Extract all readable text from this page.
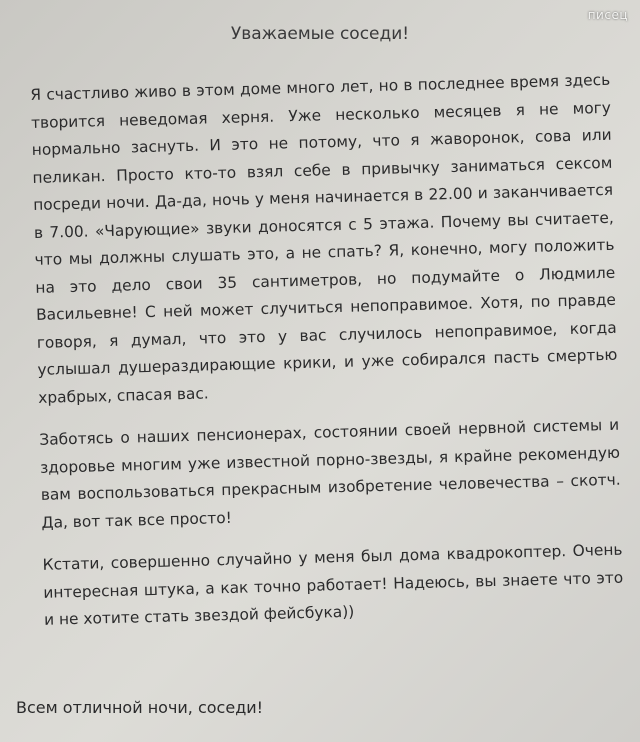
писец
Уважаемые соседи!

Я счастливо живо в этом доме много лет, но в последнее время здесь творится неведомая херня. Уже несколько месяцев я не могу нормально заснуть. И это не потому, что я жаворонок, сова или пеликан. Просто кто-то взял себе в привычку заниматься сексом посреди ночи. Да-да, ночь у меня начинается в 22.00 и заканчивается в 7.00. «Чарующие» звуки доносятся с 5 этажа. Почему вы считаете, что мы должны слушать это, а не спать? Я, конечно, могу положить на это дело свои 35 сантиметров, но подумайте о Людмиле Васильевне! С ней может случиться непоправимое. Хотя, по правде говоря, я думал, что это у вас случилось непоправимое, когда услышал душераздирающие крики, и уже собирался пасть смертью храбрых, спасая вас.

Заботясь о наших пенсионерах, состоянии своей нервной системы и здоровье многим уже известной порно-звезды, я крайне рекомендую вам воспользоваться прекрасным изобретение человечества – скотч. Да, вот так все просто!

Кстати, совершенно случайно у меня был дома квадрокоптер. Очень интересная штука, а как точно работает! Надеюсь, вы знаете что это и не хотите стать звездой фейсбука))

Всем отличной ночи, соседи!
